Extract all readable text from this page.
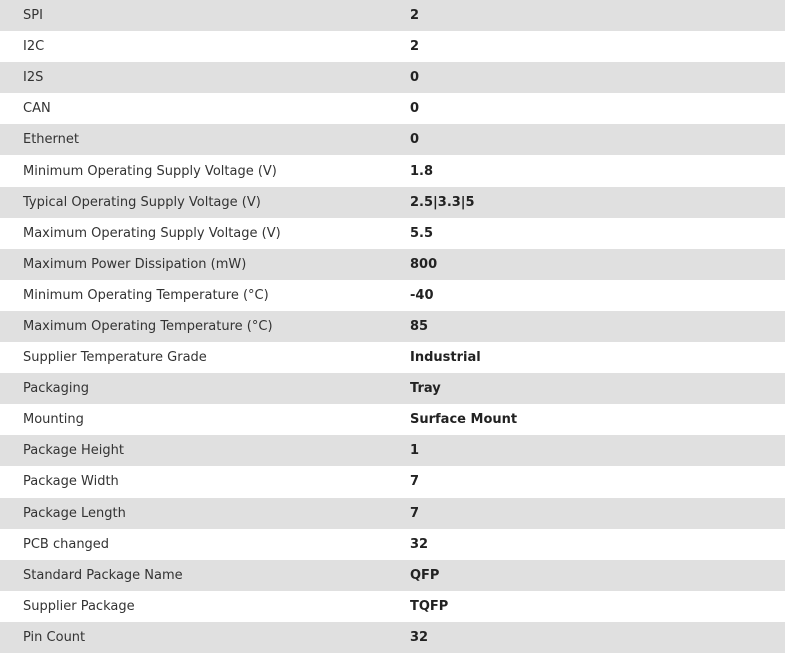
SPI	2
I2C	2
I2S	0
CAN	0
Ethernet	0
Minimum Operating Supply Voltage (V)	1.8
Typical Operating Supply Voltage (V)	2.5|3.3|5
Maximum Operating Supply Voltage (V)	5.5
Maximum Power Dissipation (mW)	800
Minimum Operating Temperature (°C)	-40
Maximum Operating Temperature (°C)	85
Supplier Temperature Grade	Industrial
Packaging	Tray
Mounting	Surface Mount
Package Height	1
Package Width	7
Package Length	7
PCB changed	32
Standard Package Name	QFP
Supplier Package	TQFP
Pin Count	32
